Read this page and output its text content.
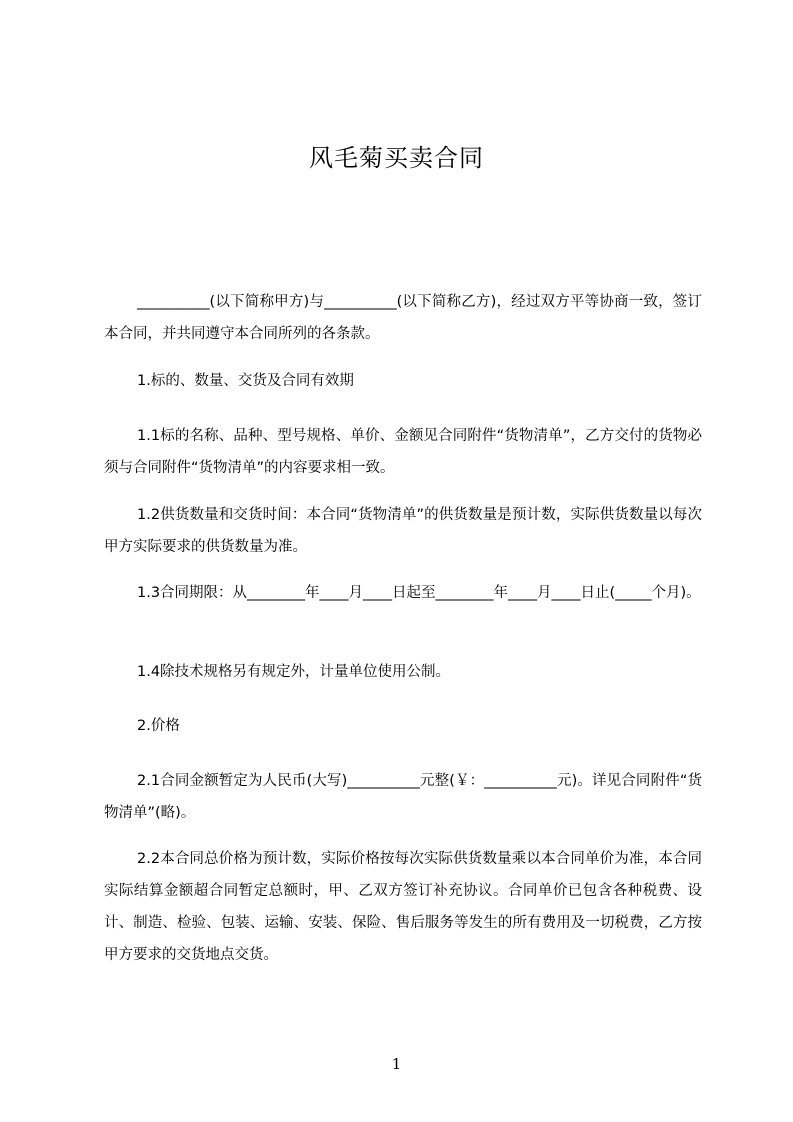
风毛菊买卖合同

__________(以下简称甲方)与__________(以下简称乙方)，经过双方平等协商一致，签订本合同，并共同遵守本合同所列的各条款。

1.标的、数量、交货及合同有效期

1.1标的名称、品种、型号规格、单价、金额见合同附件“货物清单”，乙方交付的货物必须与合同附件“货物清单”的内容要求相一致。

1.2供货数量和交货时间：本合同“货物清单”的供货数量是预计数，实际供货数量以每次甲方实际要求的供货数量为准。

1.3合同期限：从________年____月____日起至________年____月____日止(_____个月)。

1.4除技术规格另有规定外，计量单位使用公制。

2.价格

2.1合同金额暂定为人民币(大写)__________元整(￥：__________元)。详见合同附件“货物清单”(略)。

2.2本合同总价格为预计数，实际价格按每次实际供货数量乘以本合同单价为准，本合同实际结算金额超合同暂定总额时，甲、乙双方签订补充协议。合同单价已包含各种税费、设计、制造、检验、包装、运输、安装、保险、售后服务等发生的所有费用及一切税费，乙方按甲方要求的交货地点交货。

1
